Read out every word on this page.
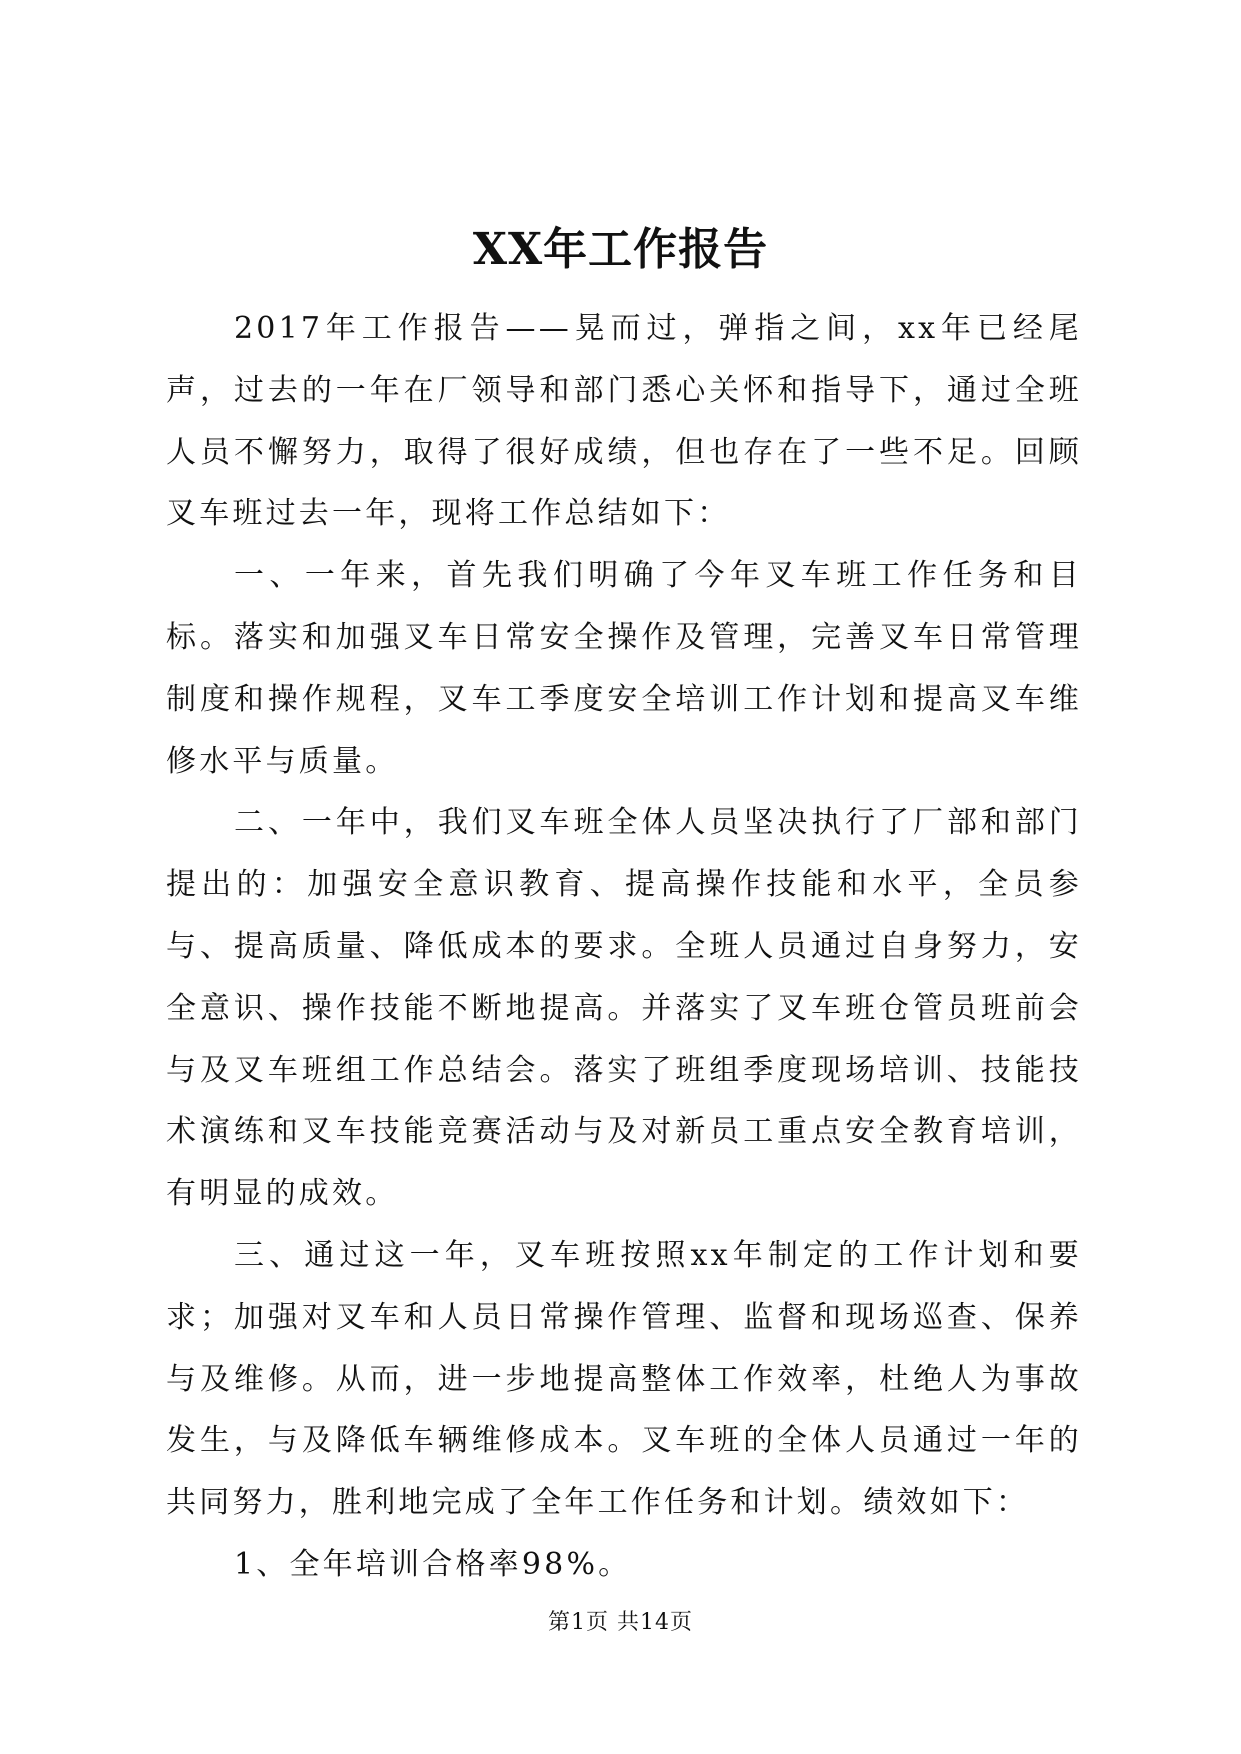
XX年工作报告

2017年工作报告——晃而过，弹指之间，xx年已经尾声，过去的一年在厂领导和部门悉心关怀和指导下，通过全班人员不懈努力，取得了很好成绩，但也存在了一些不足。回顾叉车班过去一年，现将工作总结如下：

一、一年来，首先我们明确了今年叉车班工作任务和目标。落实和加强叉车日常安全操作及管理，完善叉车日常管理制度和操作规程，叉车工季度安全培训工作计划和提高叉车维修水平与质量。

二、一年中，我们叉车班全体人员坚决执行了厂部和部门提出的：加强安全意识教育、提高操作技能和水平，全员参与、提高质量、降低成本的要求。全班人员通过自身努力，安全意识、操作技能不断地提高。并落实了叉车班仓管员班前会与及叉车班组工作总结会。落实了班组季度现场培训、技能技术演练和叉车技能竞赛活动与及对新员工重点安全教育培训，有明显的成效。

三、通过这一年，叉车班按照xx年制定的工作计划和要求；加强对叉车和人员日常操作管理、监督和现场巡查、保养与及维修。从而，进一步地提高整体工作效率，杜绝人为事故发生，与及降低车辆维修成本。叉车班的全体人员通过一年的共同努力，胜利地完成了全年工作任务和计划。绩效如下：

1、全年培训合格率98%。

第1页 共14页
